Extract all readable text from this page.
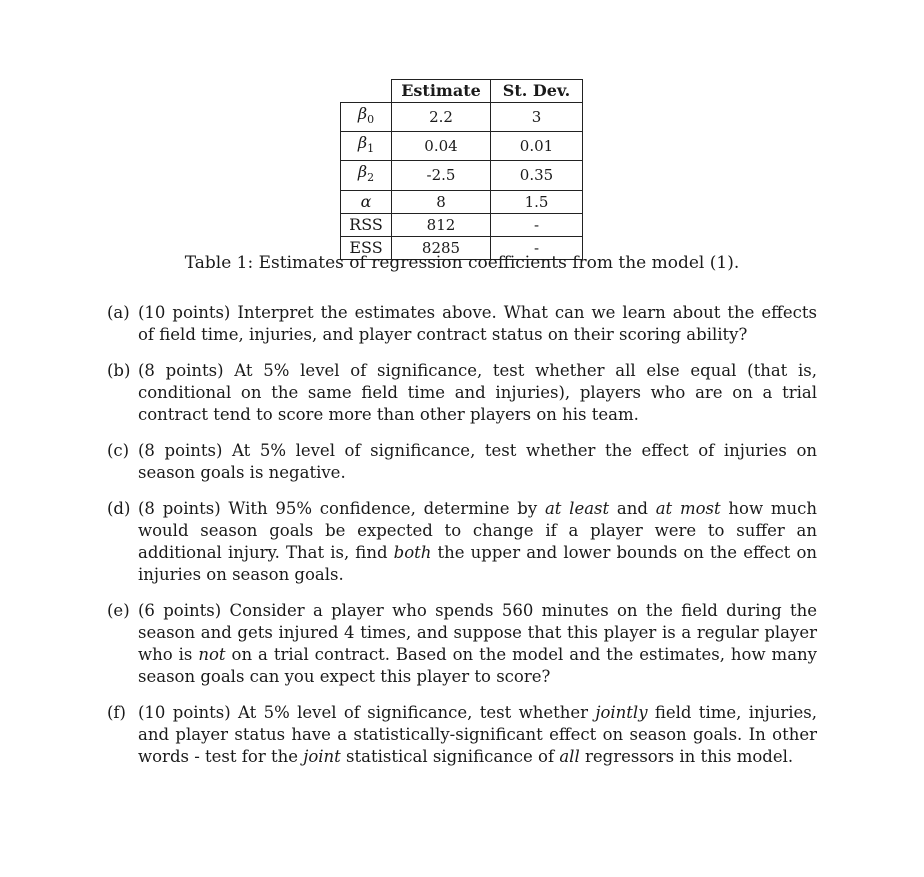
	Estimate	St. Dev.
$\beta_0$	2.2	3
$\beta_1$	0.04	0.01
$\beta_2$	-2.5	0.35
α	8	1.5
RSS	812	-
ESS	8285	-
Table 1: Estimates of regression coefficients from the model (1).
(a) (10 points) Interpret the estimates above. What can we learn about the effects of field time, injuries, and player contract status on their scoring ability?
(b) (8 points) At 5% level of significance, test whether all else equal (that is, conditional on the same field time and injuries), players who are on a trial contract tend to score more than other players on his team.
(c) (8 points) At 5% level of significance, test whether the effect of injuries on season goals is negative.
(d) (8 points) With 95% confidence, determine by at least and at most how much would season goals be expected to change if a player were to suffer an additional injury. That is, find both the upper and lower bounds on the effect on injuries on season goals.
(e) (6 points) Consider a player who spends 560 minutes on the field during the season and gets injured 4 times, and suppose that this player is a regular player who is not on a trial contract. Based on the model and the estimates, how many season goals can you expect this player to score?
(f) (10 points) At 5% level of significance, test whether jointly field time, injuries, and player status have a statistically-significant effect on season goals. In other words - test for the joint statistical significance of all regressors in this model.
